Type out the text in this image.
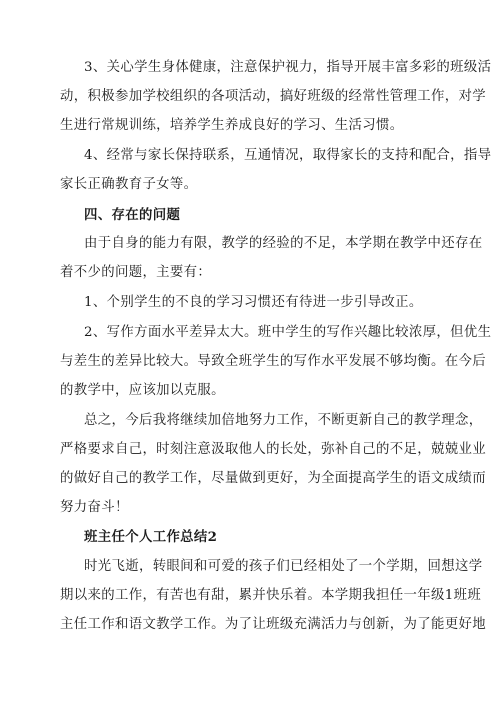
3、关心学生身体健康，注意保护视力，指导开展丰富多彩的班级活
动，积极参加学校组织的各项活动，搞好班级的经常性管理工作，对学
生进行常规训练，培养学生养成良好的学习、生活习惯。
4、经常与家长保持联系，互通情况，取得家长的支持和配合，指导
家长正确教育子女等。
四、存在的问题
由于自身的能力有限，教学的经验的不足，本学期在教学中还存在
着不少的问题，主要有：
1、个别学生的不良的学习习惯还有待进一步引导改正。
2、写作方面水平差异太大。班中学生的写作兴趣比较浓厚，但优生
与差生的差异比较大。导致全班学生的写作水平发展不够均衡。在今后
的教学中，应该加以克服。
总之，今后我将继续加倍地努力工作，不断更新自己的教学理念，
严格要求自己，时刻注意汲取他人的长处，弥补自己的不足，兢兢业业
的做好自己的教学工作，尽量做到更好，为全面提高学生的语文成绩而
努力奋斗！
班主任个人工作总结2
时光飞逝，转眼间和可爱的孩子们已经相处了一个学期，回想这学
期以来的工作，有苦也有甜，累并快乐着。本学期我担任一年级1班班
主任工作和语文教学工作。为了让班级充满活力与创新，为了能更好地
